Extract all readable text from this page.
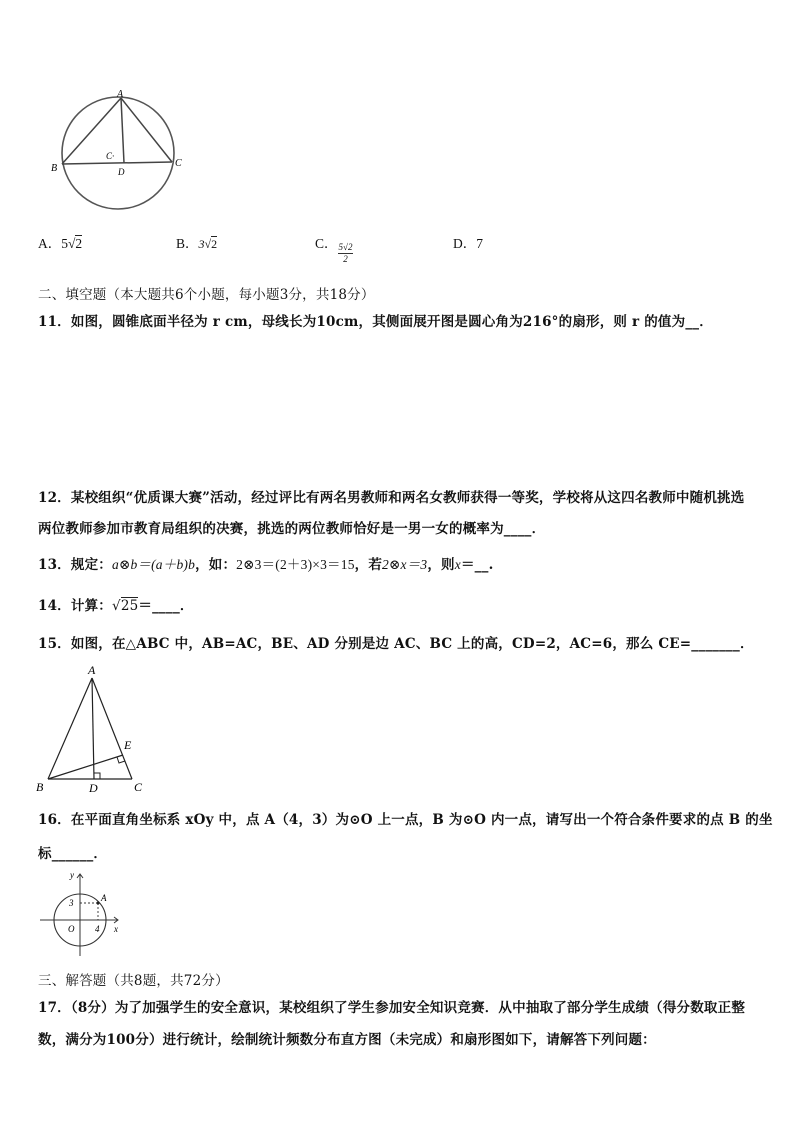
A
B	C
D
C·
A．5√2	B．3√2	C． $\frac{5√2}{2}$	D．7
二、填空题（本大题共6个小题，每小题3分，共18分）
11．如图，圆锥底面半径为 r cm，母线长为10cm，其侧面展开图是圆心角为216°的扇形，则 r 的值为__．
12．某校组织“优质课大赛”活动，经过评比有两名男教师和两名女教师获得一等奖，学校将从这四名教师中随机挑选
两位教师参加市教育局组织的决赛，挑选的两位教师恰好是一男一女的概率为____．
13．规定：a⊗b＝(a＋b)b，如：2⊗3＝(2＋3)×3＝15，若2⊗x＝3，则x＝__.
14．计算：√25＝____．
15．如图，在△ABC 中，AB=AC，BE、AD 分别是边 AC、BC 上的高，CD=2，AC=6，那么 CE=_______．
A
B	C
D
E
16．在平面直角坐标系 xOy 中，点 A（4，3）为⊙O 上一点，B 为⊙O 内一点，请写出一个符合条件要求的点 B 的坐
标______．
y
x
O
A
3
4
三、解答题（共8题，共72分）
17．（8分）为了加强学生的安全意识，某校组织了学生参加安全知识竞赛．从中抽取了部分学生成绩（得分数取正整
数，满分为100分）进行统计，绘制统计频数分布直方图（未完成）和扇形图如下，请解答下列问题：
